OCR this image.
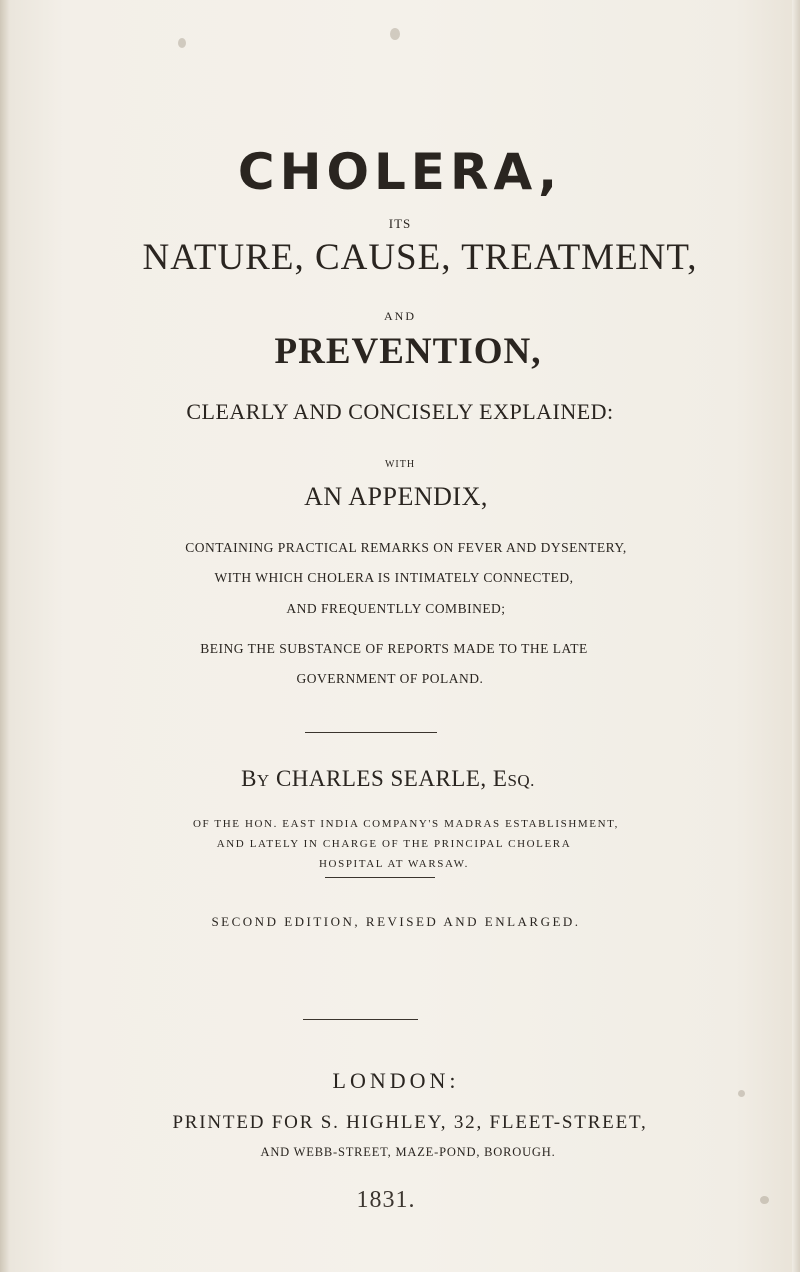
CHOLERA,

ITS

NATURE, CAUSE, TREATMENT,

AND

PREVENTION,

CLEARLY AND CONCISELY EXPLAINED:

WITH

AN APPENDIX,

CONTAINING PRACTICAL REMARKS ON FEVER AND DYSENTERY,

WITH WHICH CHOLERA IS INTIMATELY CONNECTED,

AND FREQUENTLLY COMBINED;

BEING THE SUBSTANCE OF REPORTS MADE TO THE LATE

GOVERNMENT OF POLAND.

BY CHARLES SEARLE, ESQ.

OF THE HON. EAST INDIA COMPANY'S MADRAS ESTABLISHMENT,

AND LATELY IN CHARGE OF THE PRINCIPAL CHOLERA

HOSPITAL AT WARSAW.

SECOND EDITION, REVISED AND ENLARGED.

LONDON:

PRINTED FOR S. HIGHLEY, 32, FLEET-STREET,

AND WEBB-STREET, MAZE-POND, BOROUGH.

1831.
